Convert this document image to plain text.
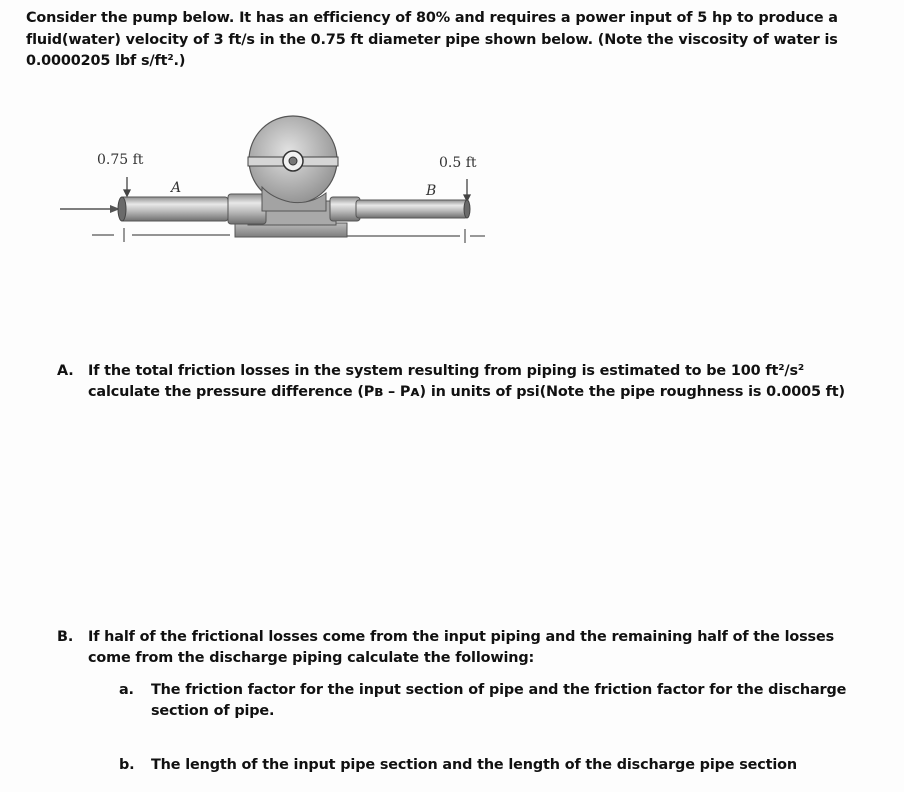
Consider the pump below. It has an efficiency of 80% and requires a power input of 5 hp to produce a
fluid(water) velocity of 3 ft/s in the 0.75 ft diameter pipe shown below. (Note the viscosity of water is
0.0000205 lbf s/ft².)
0.75 ft	0.5 ft
A	B
A. If the total friction losses in the system resulting from piping is estimated to be 100 ft²/s²
calculate the pressure difference (Pʙ – Pᴀ) in units of psi(Note the pipe roughness is 0.0005 ft)
B. If half of the frictional losses come from the input piping and the remaining half of the losses
come from the discharge piping calculate the following:
a. The friction factor for the input section of pipe and the friction factor for the discharge
section of pipe.
b. The length of the input pipe section and the length of the discharge pipe section
